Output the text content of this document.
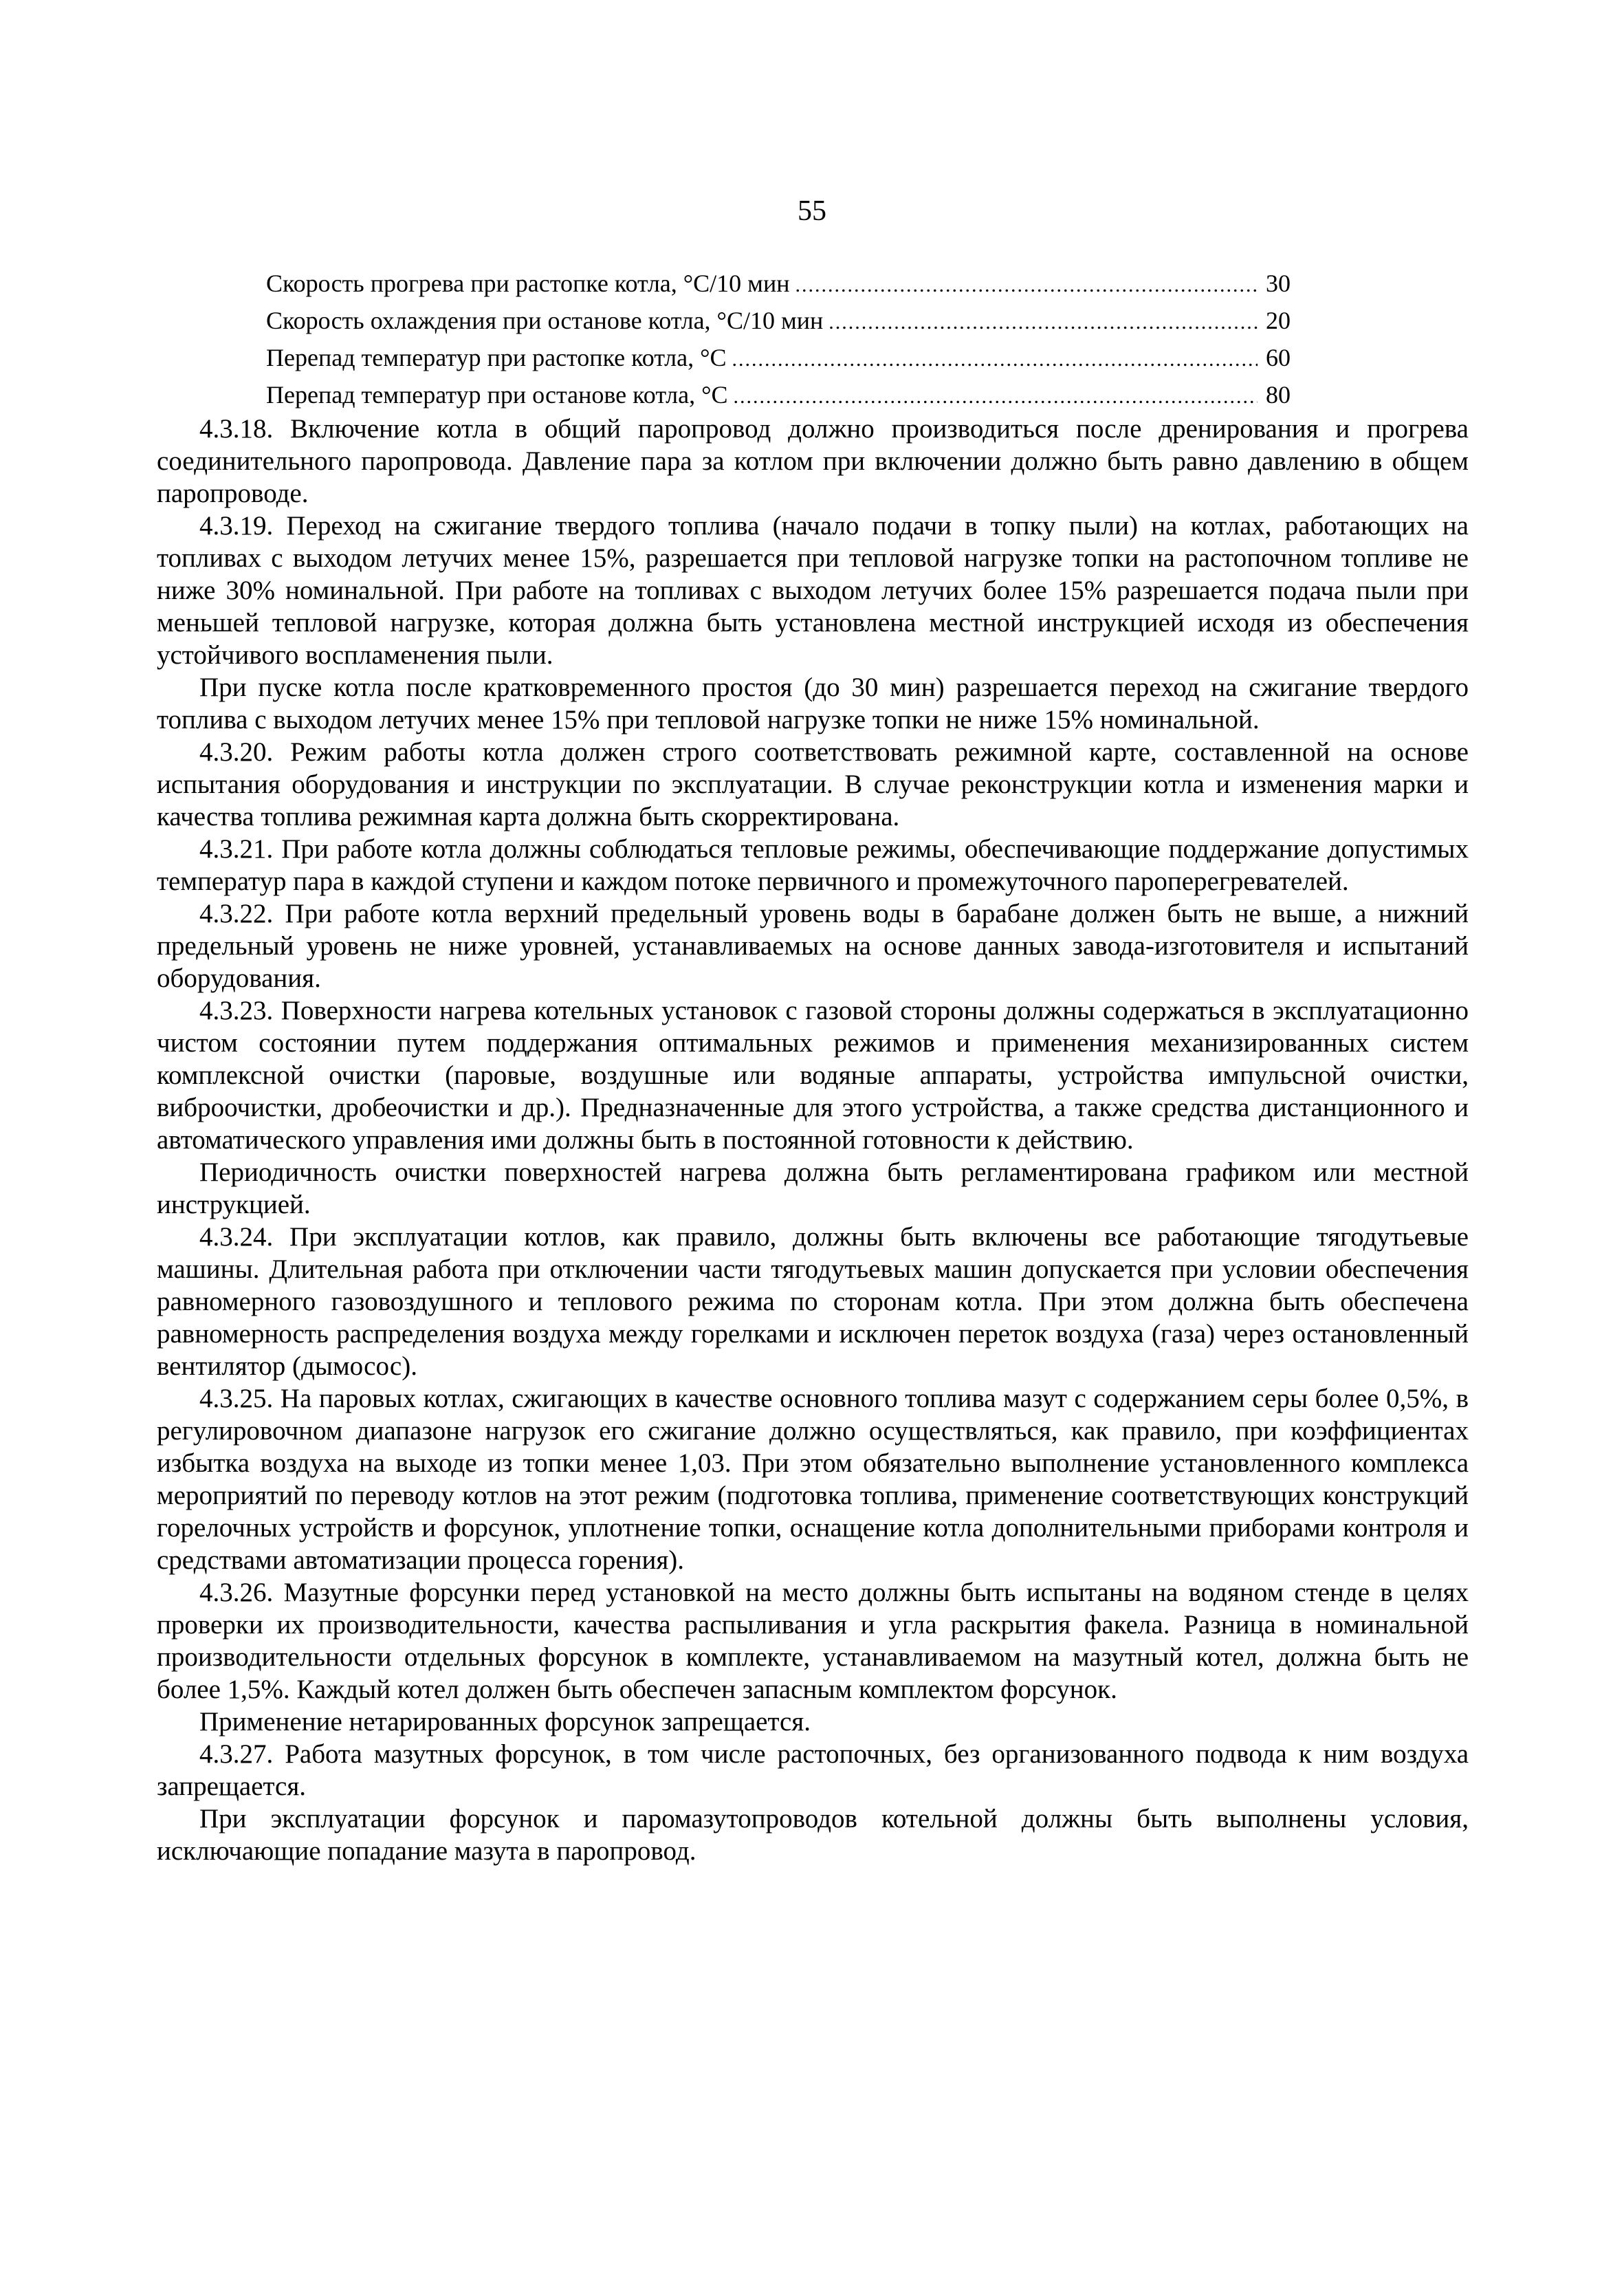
55
Скорость прогрева при растопке котла, °С/10 мин .....	30
Скорость охлаждения при останове котла, °С/10 мин .....	20
Перепад температур при растопке котла, °С .....	60
Перепад температур при останове котла, °С .....	80

4.3.18. Включение котла в общий паропровод должно производиться после дренирования и прогрева соединительного паропровода. Давление пара за котлом при включении должно быть равно давлению в общем паропроводе.

4.3.19. Переход на сжигание твердого топлива (начало подачи в топку пыли) на котлах, работающих на топливах с выходом летучих менее 15%, разрешается при тепловой нагрузке топки на растопочном топливе не ниже 30% номинальной. При работе на топливах с выходом летучих более 15% разрешается подача пыли при меньшей тепловой нагрузке, которая должна быть установлена местной инструкцией исходя из обеспечения устойчивого воспламенения пыли.

При пуске котла после кратковременного простоя (до 30 мин) разрешается переход на сжигание твердого топлива с выходом летучих менее 15% при тепловой нагрузке топки не ниже 15% номинальной.

4.3.20. Режим работы котла должен строго соответствовать режимной карте, составленной на основе испытания оборудования и инструкции по эксплуатации. В случае реконструкции котла и изменения марки и качества топлива режимная карта должна быть скорректирована.

4.3.21. При работе котла должны соблюдаться тепловые режимы, обеспечивающие поддержание допустимых температур пара в каждой ступени и каждом потоке первичного и промежуточного пароперегревателей.

4.3.22. При работе котла верхний предельный уровень воды в барабане должен быть не выше, а нижний предельный уровень не ниже уровней, устанавливаемых на основе данных завода-изготовителя и испытаний оборудования.

4.3.23. Поверхности нагрева котельных установок с газовой стороны должны содержаться в эксплуатационно чистом состоянии путем поддержания оптимальных режимов и применения механизированных систем комплексной очистки (паровые, воздушные или водяные аппараты, устройства импульсной очистки, виброочистки, дробеочистки и др.). Предназначенные для этого устройства, а также средства дистанционного и автоматического управления ими должны быть в постоянной готовности к действию.

Периодичность очистки поверхностей нагрева должна быть регламентирована графиком или местной инструкцией.

4.3.24. При эксплуатации котлов, как правило, должны быть включены все работающие тягодутьевые машины. Длительная работа при отключении части тягодутьевых машин допускается при условии обеспечения равномерного газовоздушного и теплового режима по сторонам котла. При этом должна быть обеспечена равномерность распределения воздуха между горелками и исключен переток воздуха (газа) через остановленный вентилятор (дымосос).

4.3.25. На паровых котлах, сжигающих в качестве основного топлива мазут с содержанием серы более 0,5%, в регулировочном диапазоне нагрузок его сжигание должно осуществляться, как правило, при коэффициентах избытка воздуха на выходе из топки менее 1,03. При этом обязательно выполнение установленного комплекса мероприятий по переводу котлов на этот режим (подготовка топлива, применение соответствующих конструкций горелочных устройств и форсунок, уплотнение топки, оснащение котла дополнительными приборами контроля и средствами автоматизации процесса горения).

4.3.26. Мазутные форсунки перед установкой на место должны быть испытаны на водяном стенде в целях проверки их производительности, качества распыливания и угла раскрытия факела. Разница в номинальной производительности отдельных форсунок в комплекте, устанавливаемом на мазутный котел, должна быть не более 1,5%. Каждый котел должен быть обеспечен запасным комплектом форсунок.

Применение нетарированных форсунок запрещается.

4.3.27. Работа мазутных форсунок, в том числе растопочных, без организованного подвода к ним воздуха запрещается.

При эксплуатации форсунок и паромазутопроводов котельной должны быть выполнены условия, исключающие попадание мазута в паропровод.
